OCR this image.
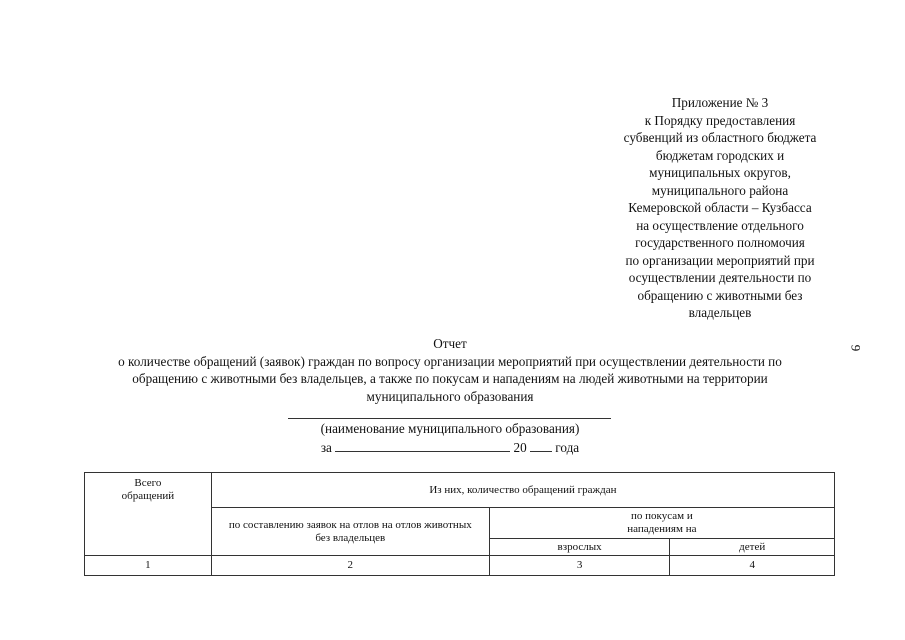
Приложение № 3
к Порядку предоставления
субвенций из областного бюджета
бюджетам городских и
муниципальных округов,
муниципального района
Кемеровской области – Кузбасса
на осуществление отдельного
государственного полномочия
по организации мероприятий при
осуществлении деятельности по
обращению с животными без
владельцев
9
Отчет
о количестве обращений (заявок) граждан по вопросу организации мероприятий при осуществлении деятельности по
обращению с животными без владельцев, а также по покусам и нападениям на людей животными на территории
муниципального образования
(наименование муниципального образования)
за	20 года
Всего обращений	Из них, количество обращений граждан		

	по составлению заявок на отлов на отлов животных без владельцев	по покусам и нападениям на	

		взрослых	детей
1	2	3	4
